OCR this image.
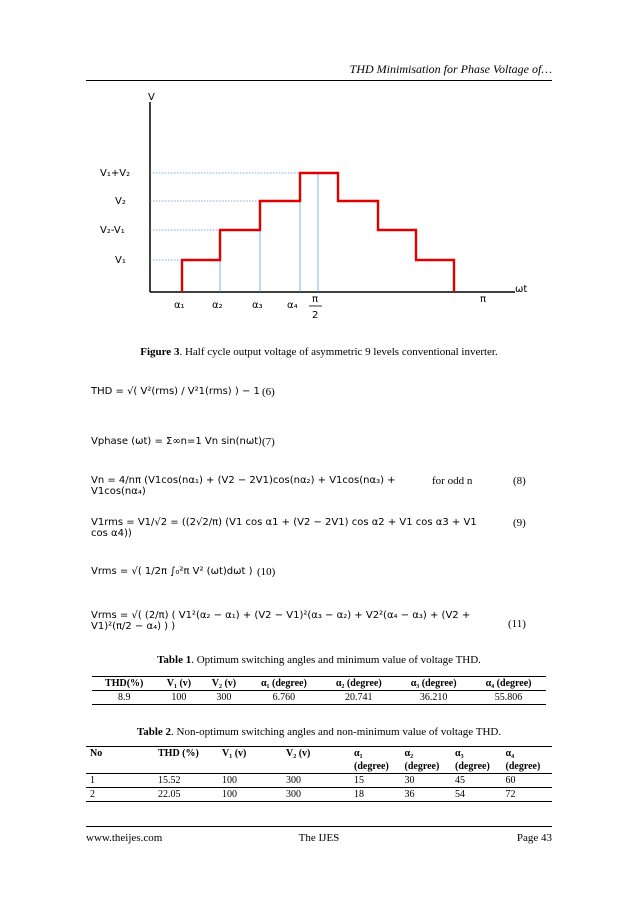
THD Minimisation for Phase Voltage of…
V
ωt
V₁+V₂
V₂
V₂-V₁
V₁
α₁	α₂	α₃ α₄
π
2
π
Figure 3. Half cycle output voltage of asymmetric 9 levels conventional inverter.
THD = √( V²(rms) / V²1(rms) ) − 1 (6)
Vphase (ωt) = Σ∞n=1 Vn sin(nωt) (7)
Vn = 4/nπ (V1cos(nα₁) + (V2 − 2V1)cos(nα₂) + V1cos(nα₃) + V1cos(nα₄)
for odd n	(8)
V1rms = V1/√2 = ((2√2/π) (V1 cos α1 + (V2 − 2V1) cos α2 + V1 cos α3 + V1 cos α4))
(9)
Vrms = √( 1/2π ∫₀²π V² (ωt)dωt ) (10)
Vrms = √( (2/π) ( V1²(α₂ − α₁) + (V2 − V1)²(α₃ − α₂) + V2²(α₄ − α₃) + (V2 + V1)²(π/2 − α₄) ) )	(11)
Table 1. Optimum switching angles and minimum value of voltage THD.
THD(%)	V₁ (v)	V₂ (v)	α₁ (degree)	α₂ (degree)	α₃ (degree)	α₄ (degree)
8.9	100	300	6.760	20.741	36.210	55.806
Table 2. Non-optimum switching angles and non-minimum value of voltage THD.
No	THD (%)	V₁ (v)	V₂ (v)	α₁	α₂	α₃	α₄
				(degree)	(degree)	(degree)	(degree)
1	15.52	100	300	15	30	45	60
2	22.05	100	300	18	36	54	72
www.theijes.com	The IJES	Page 43
